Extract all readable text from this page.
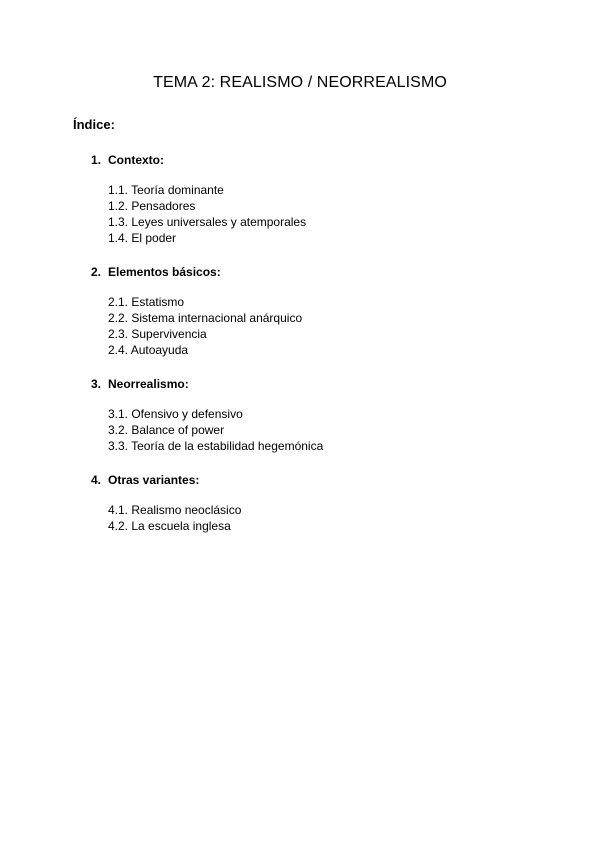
TEMA 2: REALISMO / NEORREALISMO
Índice:
1. Contexto:
1.1. Teoría dominante
1.2. Pensadores
1.3. Leyes universales y atemporales
1.4. El poder
2. Elementos básicos:
2.1. Estatismo
2.2. Sistema internacional anárquico
2.3. Supervivencia
2.4. Autoayuda
3. Neorrealismo:
3.1. Ofensivo y defensivo
3.2. Balance of power
3.3. Teoría de la estabilidad hegemónica
4. Otras variantes:
4.1. Realismo neoclásico
4.2. La escuela inglesa
